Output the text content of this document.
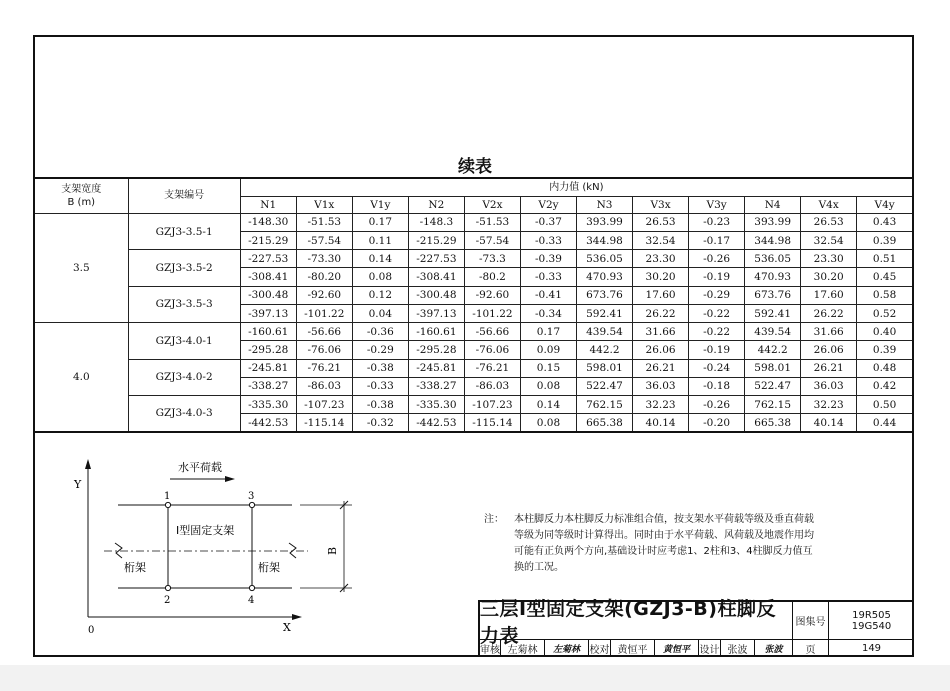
续表
支架宽度
B (m)	支架编号	内力值 (kN)											
		N1	V1x	V1y	N2	V2x	V2y	N3	V3x	V3y	N4	V4x	V4y
3.5	GZJ3-3.5-1	-148.30	-51.53	0.17	-148.3	-51.53	-0.37	393.99	26.53	-0.23	393.99	26.53	0.43
		-215.29	-57.54	0.11	-215.29	-57.54	-0.33	344.98	32.54	-0.17	344.98	32.54	0.39
	GZJ3-3.5-2	-227.53	-73.30	0.14	-227.53	-73.3	-0.39	536.05	23.30	-0.26	536.05	23.30	0.51
		-308.41	-80.20	0.08	-308.41	-80.2	-0.33	470.93	30.20	-0.19	470.93	30.20	0.45
	GZJ3-3.5-3	-300.48	-92.60	0.12	-300.48	-92.60	-0.41	673.76	17.60	-0.29	673.76	17.60	0.58
		-397.13	-101.22	0.04	-397.13	-101.22	-0.34	592.41	26.22	-0.22	592.41	26.22	0.52
4.0	GZJ3-4.0-1	-160.61	-56.66	-0.36	-160.61	-56.66	0.17	439.54	31.66	-0.22	439.54	31.66	0.40
		-295.28	-76.06	-0.29	-295.28	-76.06	0.09	442.2	26.06	-0.19	442.2	26.06	0.39
	GZJ3-4.0-2	-245.81	-76.21	-0.38	-245.81	-76.21	0.15	598.01	26.21	-0.24	598.01	26.21	0.48
		-338.27	-86.03	-0.33	-338.27	-86.03	0.08	522.47	36.03	-0.18	522.47	36.03	0.42
	GZJ3-4.0-3	-335.30	-107.23	-0.38	-335.30	-107.23	0.14	762.15	32.23	-0.26	762.15	32.23	0.50
		-442.53	-115.14	-0.32	-442.53	-115.14	0.08	665.38	40.14	-0.20	665.38	40.14	0.44
Y
X
0
水平荷载
1	3
2	4
I型固定支架
桁架	桁架
B
注：	本柱脚反力本柱脚反力标准组合值，按支架水平荷载等级及垂直荷载
等级为同等级时计算得出。同时由于水平荷载、风荷载及地震作用均
可能有正负两个方向,基础设计时应考虑1、2柱和3、4柱脚反力值互
换的工况。
三层I型固定支架(GZJ3-B)柱脚反力表
图集号
19R505
19G540
审核 左菊林 左菊林 校对 黄恒平 黄恒平 设计 张波 张波 页	149
